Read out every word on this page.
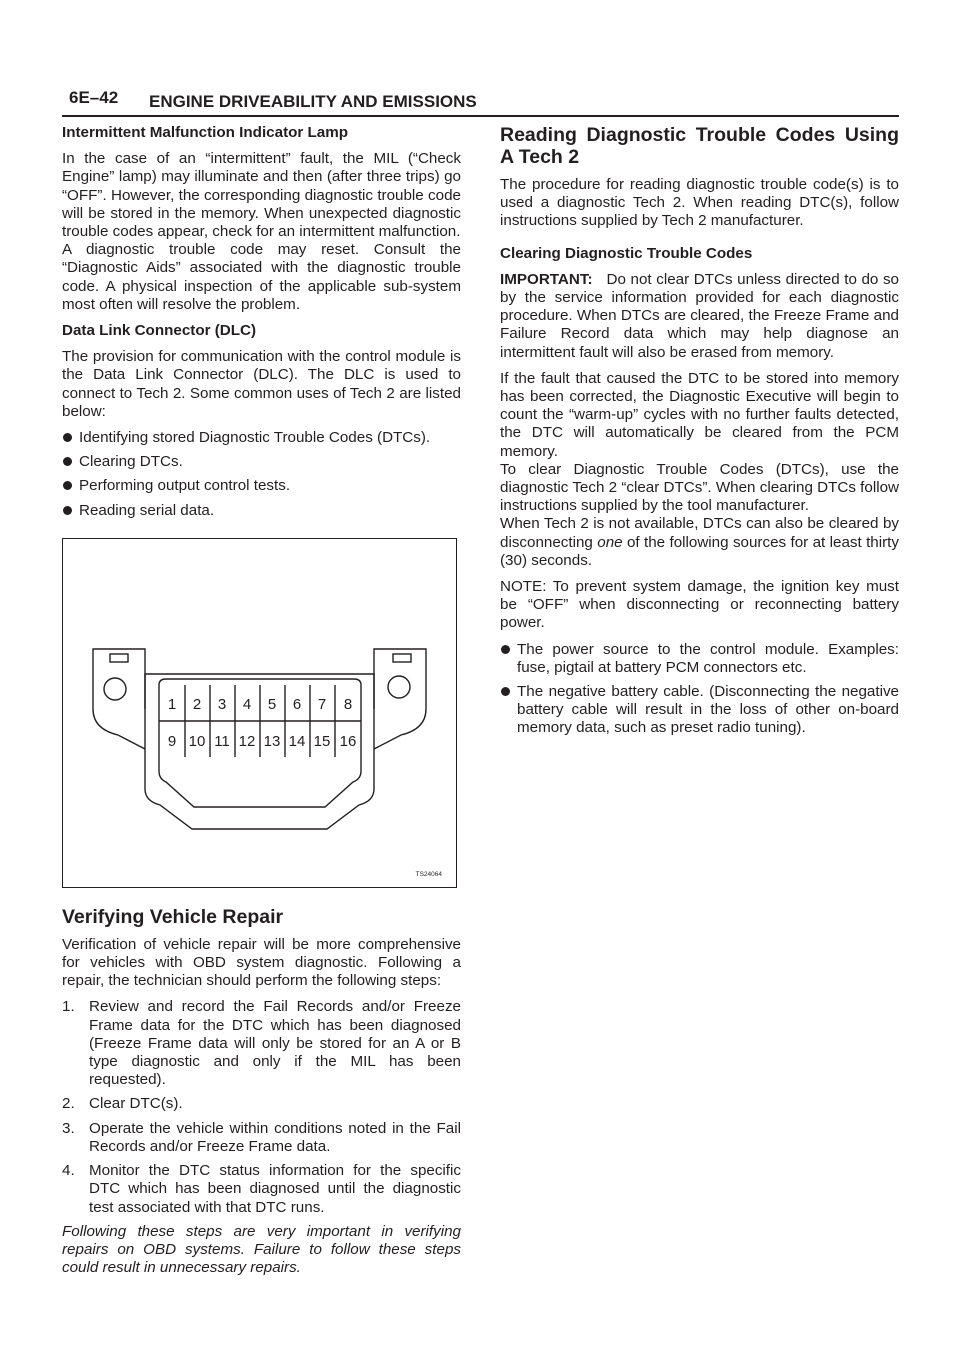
6E–42 ENGINE DRIVEABILITY AND EMISSIONS

Intermittent Malfunction Indicator Lamp

In the case of an “intermittent” fault, the MIL (“Check Engine” lamp) may illuminate and then (after three trips) go “OFF”. However, the corresponding diagnostic trouble code will be stored in the memory. When unexpected diagnostic trouble codes appear, check for an intermittent malfunction.

A diagnostic trouble code may reset. Consult the “Diagnostic Aids” associated with the diagnostic trouble code. A physical inspection of the applicable sub-system most often will resolve the problem.

Data Link Connector (DLC)

The provision for communication with the control module is the Data Link Connector (DLC). The DLC is used to connect to Tech 2. Some common uses of Tech 2 are listed below:

Identifying stored Diagnostic Trouble Codes (DTCs).
Clearing DTCs.
Performing output control tests.
Reading serial data.
1 2 3 4 5 6 7 8
9 10 11 12 13 14 15 16
TS24064

Verifying Vehicle Repair

Verification of vehicle repair will be more comprehensive for vehicles with OBD system diagnostic. Following a repair, the technician should perform the following steps:

1. Review and record the Fail Records and/or Freeze Frame data for the DTC which has been diagnosed (Freeze Frame data will only be stored for an A or B type diagnostic and only if the MIL has been requested).
2. Clear DTC(s).
3. Operate the vehicle within conditions noted in the Fail Records and/or Freeze Frame data.
4. Monitor the DTC status information for the specific DTC which has been diagnosed until the diagnostic test associated with that DTC runs.

Following these steps are very important in verifying repairs on OBD systems. Failure to follow these steps could result in unnecessary repairs.

Reading Diagnostic Trouble Codes Using A Tech 2

The procedure for reading diagnostic trouble code(s) is to used a diagnostic Tech 2. When reading DTC(s), follow instructions supplied by Tech 2 manufacturer.

Clearing Diagnostic Trouble Codes

IMPORTANT: Do not clear DTCs unless directed to do so by the service information provided for each diagnostic procedure. When DTCs are cleared, the Freeze Frame and Failure Record data which may help diagnose an intermittent fault will also be erased from memory.

If the fault that caused the DTC to be stored into memory has been corrected, the Diagnostic Executive will begin to count the “warm-up” cycles with no further faults detected, the DTC will automatically be cleared from the PCM memory.

To clear Diagnostic Trouble Codes (DTCs), use the diagnostic Tech 2 “clear DTCs”. When clearing DTCs follow instructions supplied by the tool manufacturer.

When Tech 2 is not available, DTCs can also be cleared by disconnecting one of the following sources for at least thirty (30) seconds.

NOTE: To prevent system damage, the ignition key must be “OFF” when disconnecting or reconnecting battery power.

The power source to the control module. Examples: fuse, pigtail at battery PCM connectors etc.
The negative battery cable. (Disconnecting the negative battery cable will result in the loss of other on-board memory data, such as preset radio tuning).
